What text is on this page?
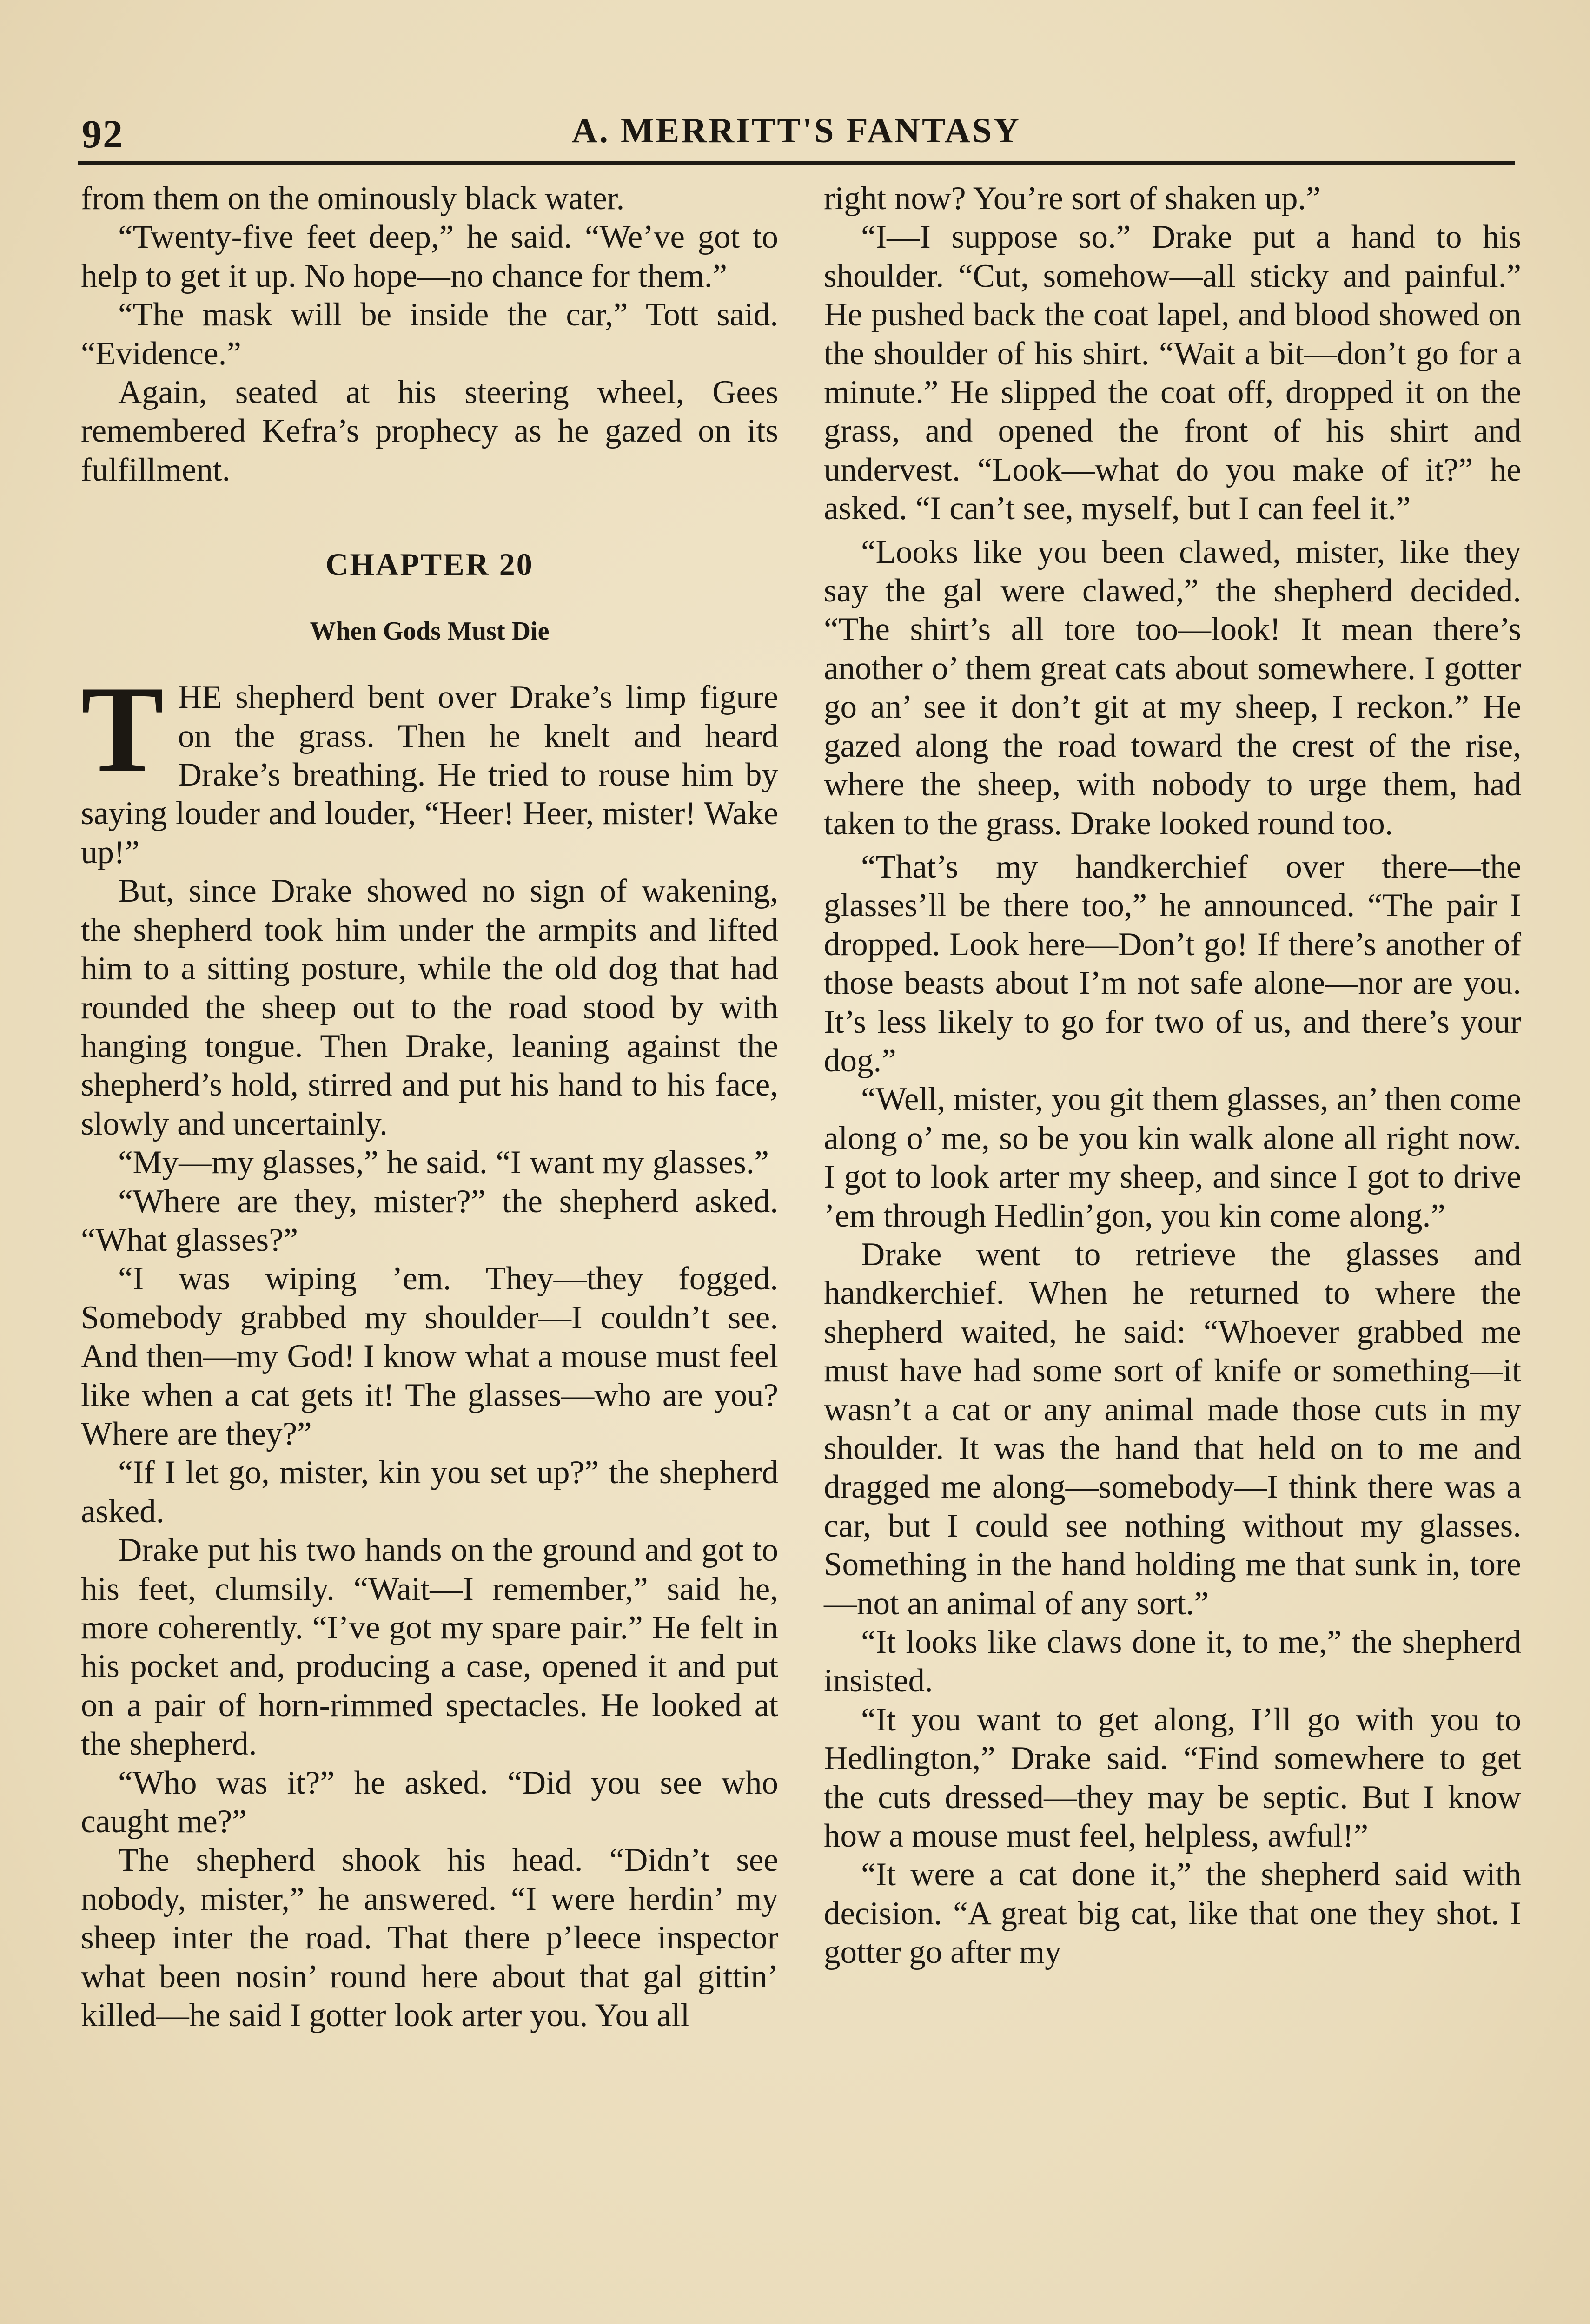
92	A. MERRITT'S FANTASY

from them on the ominously black water.

“Twenty-five feet deep,” he said. “We’ve got to help to get it up. No hope—no chance for them.”

“The mask will be inside the car,” Tott said. “Evidence.”

Again, seated at his steering wheel, Gees remembered Kefra’s prophecy as he gazed on its fulfillment.

CHAPTER 20
When Gods Must Die

T HE shepherd bent over Drake’s limp figure on the grass. Then he knelt and heard Drake’s breathing. He tried to rouse him by saying louder and louder, “Heer! Heer, mister! Wake up!”

But, since Drake showed no sign of wakening, the shepherd took him under the armpits and lifted him to a sitting posture, while the old dog that had rounded the sheep out to the road stood by with hanging tongue. Then Drake, leaning against the shepherd’s hold, stirred and put his hand to his face, slowly and uncertainly.

“My—my glasses,” he said. “I want my glasses.”

“Where are they, mister?” the shepherd asked. “What glasses?”

“I was wiping ’em. They—they fogged. Somebody grabbed my shoulder—I couldn’t see. And then—my God! I know what a mouse must feel like when a cat gets it! The glasses—who are you? Where are they?”

“If I let go, mister, kin you set up?” the shepherd asked.

Drake put his two hands on the ground and got to his feet, clumsily. “Wait—I remember,” said he, more coherently. “I’ve got my spare pair.” He felt in his pocket and, producing a case, opened it and put on a pair of horn-rimmed spectacles. He looked at the shepherd.

“Who was it?” he asked. “Did you see who caught me?”

The shepherd shook his head. “Didn’t see nobody, mister,” he answered. “I were herdin’ my sheep inter the road. That there p’leece inspector what been nosin’ round here about that gal gittin’ killed—he said I gotter look arter you. You all

right now? You’re sort of shaken up.”

“I—I suppose so.” Drake put a hand to his shoulder. “Cut, somehow—all sticky and painful.” He pushed back the coat lapel, and blood showed on the shoulder of his shirt. “Wait a bit—don’t go for a minute.” He slipped the coat off, dropped it on the grass, and opened the front of his shirt and undervest. “Look—what do you make of it?” he asked. “I can’t see, myself, but I can feel it.”

“Looks like you been clawed, mister, like they say the gal were clawed,” the shepherd decided. “The shirt’s all tore too—look! It mean there’s another o’ them great cats about somewhere. I gotter go an’ see it don’t git at my sheep, I reckon.” He gazed along the road toward the crest of the rise, where the sheep, with nobody to urge them, had taken to the grass. Drake looked round too.

“That’s my handkerchief over there—the glasses’ll be there too,” he announced. “The pair I dropped. Look here—Don’t go! If there’s another of those beasts about I’m not safe alone—nor are you. It’s less likely to go for two of us, and there’s your dog.”

“Well, mister, you git them glasses, an’ then come along o’ me, so be you kin walk alone all right now. I got to look arter my sheep, and since I got to drive ’em through Hedlin’gon, you kin come along.”

Drake went to retrieve the glasses and handkerchief. When he returned to where the shepherd waited, he said: “Whoever grabbed me must have had some sort of knife or something—it wasn’t a cat or any animal made those cuts in my shoulder. It was the hand that held on to me and dragged me along—somebody—I think there was a car, but I could see nothing without my glasses. Something in the hand holding me that sunk in, tore—not an animal of any sort.”

“It looks like claws done it, to me,” the shepherd insisted.

“It you want to get along, I’ll go with you to Hedlington,” Drake said. “Find somewhere to get the cuts dressed—they may be septic. But I know how a mouse must feel, helpless, awful!”

“It were a cat done it,” the shepherd said with decision. “A great big cat, like that one they shot. I gotter go after my
